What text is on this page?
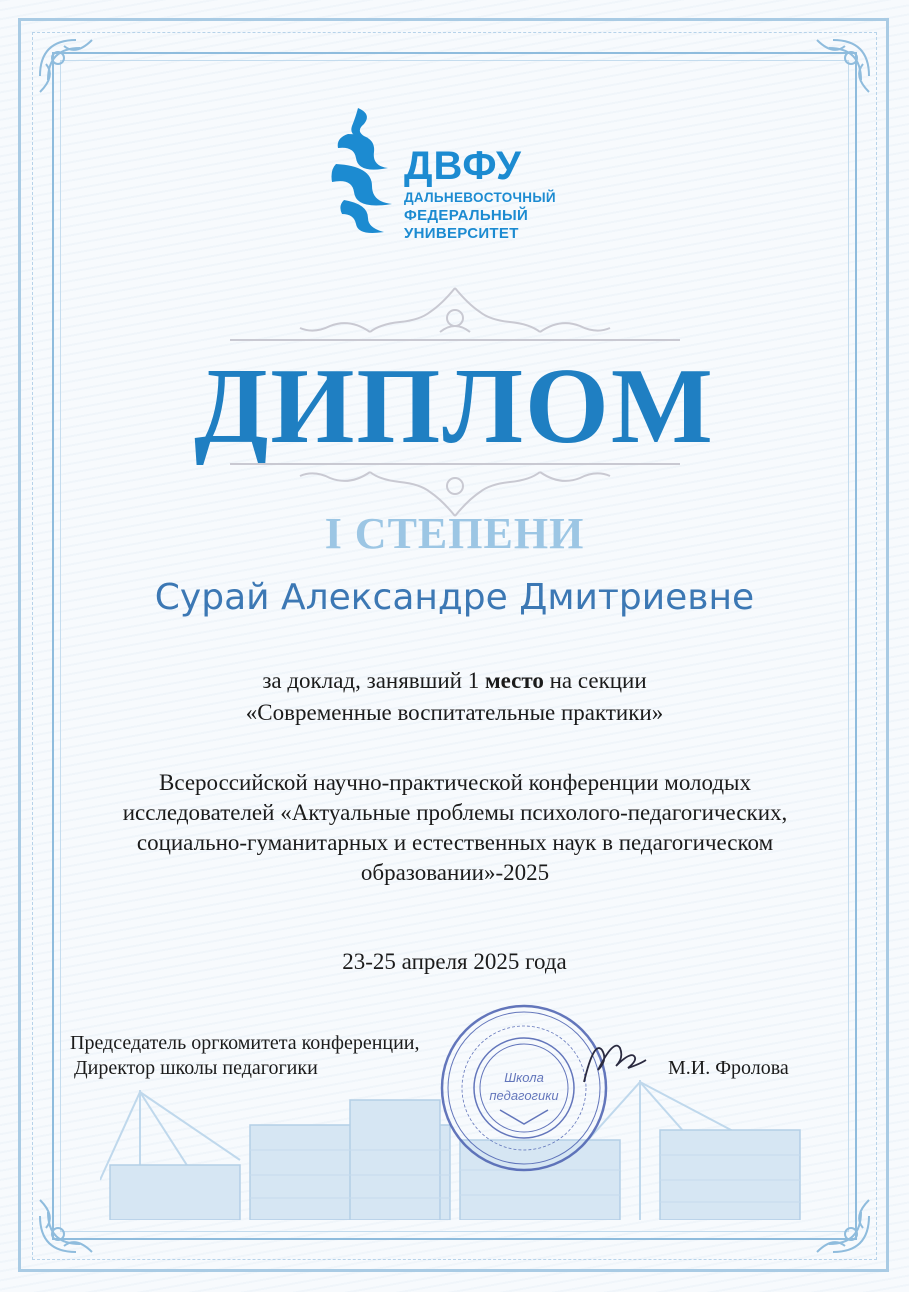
ДВФУ
ДАЛЬНЕВОСТОЧНЫЙ
ФЕДЕРАЛЬНЫЙ
УНИВЕРСИТЕТ
ДИПЛОМ
I СТЕПЕНИ
Сурай Александре Дмитриевне
за доклад, занявший 1 место на секции
«Современные воспитательные практики»
Всероссийской научно-практической конференции молодых исследователей «Актуальные проблемы психолого-педагогических, социально-гуманитарных и естественных наук в педагогическом образовании»-2025
23-25 апреля 2025 года
Школа
педагогики
Председатель оргкомитета конференции,
Директор школы педагогики	М.И. Фролова
